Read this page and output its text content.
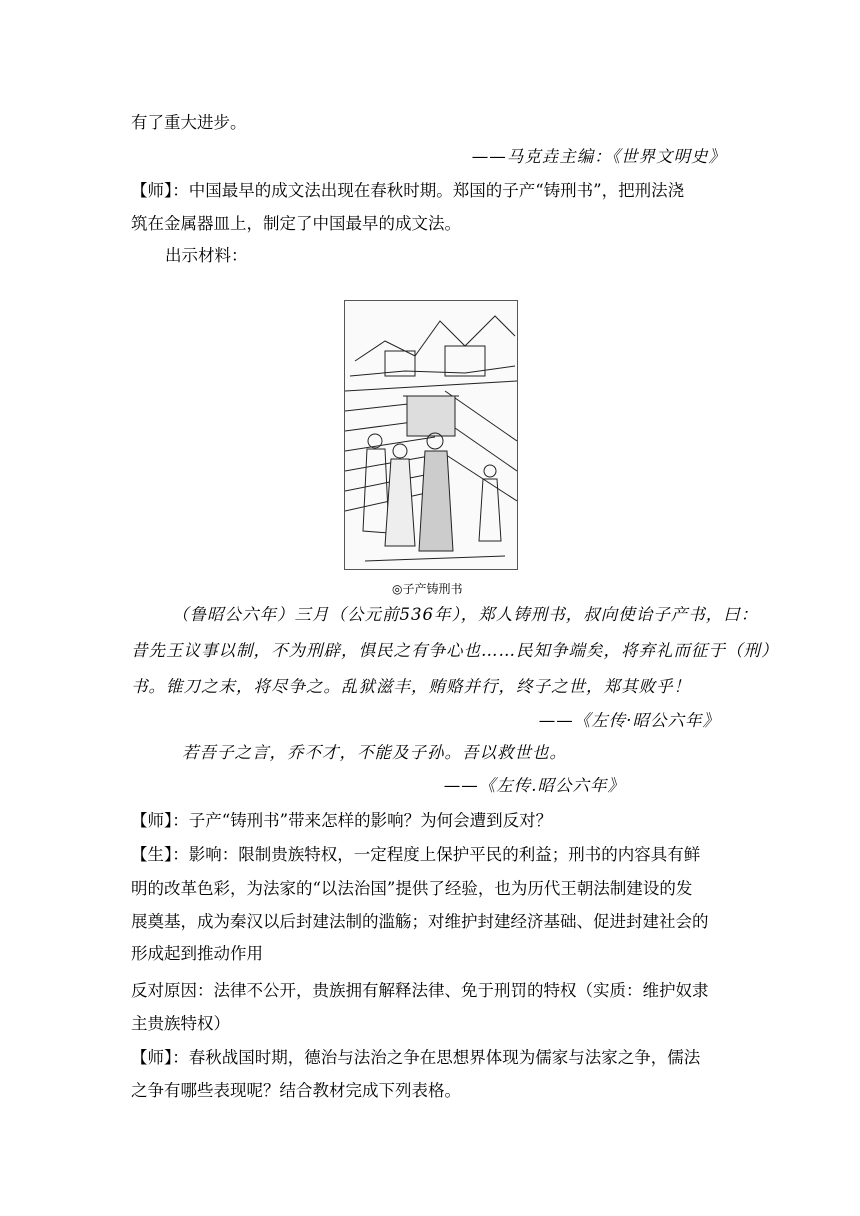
有了重大进步。
——马克垚主编：《世界文明史》
【师】：中国最早的成文法出现在春秋时期。郑国的子产“铸刑书”，把刑法浇
筑在金属器皿上，制定了中国最早的成文法。
出示材料：
◎子产铸刑书
（鲁昭公六年）三月（公元前536年），郑人铸刑书，叔向使诒子产书，曰：
昔先王议事以制，不为刑辟，惧民之有争心也……民知争端矣，将弃礼而征于（刑）
书。锥刀之末，将尽争之。乱狱滋丰，贿赂并行，终子之世，郑其败乎！
——《左传·昭公六年》
若吾子之言，乔不才，不能及子孙。吾以救世也。
——《左传.昭公六年》
【师】：子产“铸刑书”带来怎样的影响？为何会遭到反对？
【生】：影响：限制贵族特权，一定程度上保护平民的利益；刑书的内容具有鲜
明的改革色彩，为法家的“以法治国”提供了经验，也为历代王朝法制建设的发
展奠基，成为秦汉以后封建法制的滥觞；对维护封建经济基础、促进封建社会的
形成起到推动作用
反对原因：法律不公开，贵族拥有解释法律、免于刑罚的特权（实质：维护奴隶
主贵族特权）
【师】：春秋战国时期，德治与法治之争在思想界体现为儒家与法家之争，儒法
之争有哪些表现呢？结合教材完成下列表格。
